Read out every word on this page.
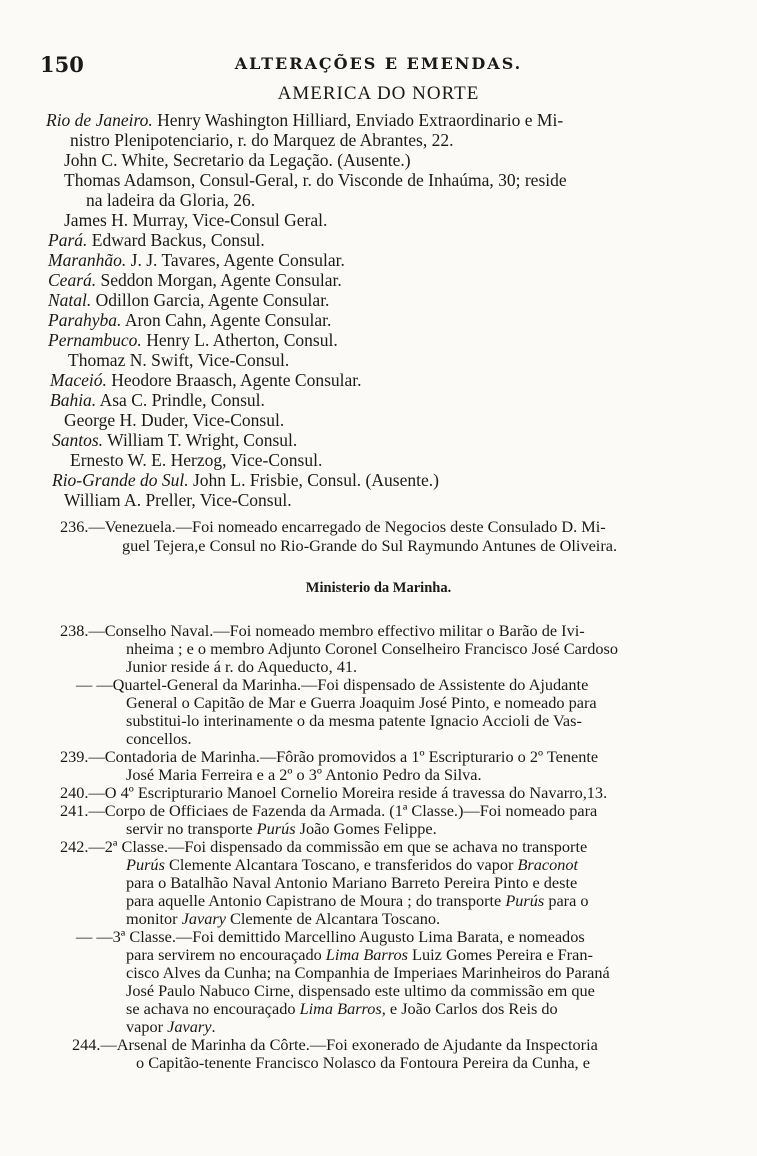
150	ALTERAÇÕES E EMENDAS.
AMERICA DO NORTE
Rio de Janeiro. Henry Washington Hilliard, Enviado Extraordinario e Mi-
nistro Plenipotenciario, r. do Marquez de Abrantes, 22.
John C. White, Secretario da Legação. (Ausente.)
Thomas Adamson, Consul-Geral, r. do Visconde de Inhaúma, 30; reside
na ladeira da Gloria, 26.
James H. Murray, Vice-Consul Geral.
Pará. Edward Backus, Consul.
Maranhão. J. J. Tavares, Agente Consular.
Ceará. Seddon Morgan, Agente Consular.
Natal. Odillon Garcia, Agente Consular.
Parahyba. Aron Cahn, Agente Consular.
Pernambuco. Henry L. Atherton, Consul.
Thomaz N. Swift, Vice-Consul.
Maceió. Heodore Braasch, Agente Consular.
Bahia. Asa C. Prindle, Consul.
George H. Duder, Vice-Consul.
Santos. William T. Wright, Consul.
Ernesto W. E. Herzog, Vice-Consul.
Rio-Grande do Sul. John L. Frisbie, Consul. (Ausente.)
William A. Preller, Vice-Consul.
236.—Venezuela.—Foi nomeado encarregado de Negocios deste Consulado D. Mi-
guel Tejera,e Consul no Rio-Grande do Sul Raymundo Antunes de Oliveira.
Ministerio da Marinha.
238.—Conselho Naval.—Foi nomeado membro effectivo militar o Barão de Ivi-
nheima ; e o membro Adjunto Coronel Conselheiro Francisco José Cardoso
Junior reside á r. do Aqueducto, 41.
— —Quartel-General da Marinha.—Foi dispensado de Assistente do Ajudante
General o Capitão de Mar e Guerra Joaquim José Pinto, e nomeado para
substitui-lo interinamente o da mesma patente Ignacio Accioli de Vas-
concellos.
239.—Contadoria de Marinha.—Fôrão promovidos a 1º Escripturario o 2º Tenente
José Maria Ferreira e a 2º o 3º Antonio Pedro da Silva.
240.—O 4º Escripturario Manoel Cornelio Moreira reside á travessa do Navarro,13.
241.—Corpo de Officiaes de Fazenda da Armada. (1ª Classe.)—Foi nomeado para
servir no transporte Purús João Gomes Felippe.
242.—2ª Classe.—Foi dispensado da commissão em que se achava no transporte
Purús Clemente Alcantara Toscano, e transferidos do vapor Braconot
para o Batalhão Naval Antonio Mariano Barreto Pereira Pinto e deste
para aquelle Antonio Capistrano de Moura ; do transporte Purús para o
monitor Javary Clemente de Alcantara Toscano.
— —3ª Classe.—Foi demittido Marcellino Augusto Lima Barata, e nomeados
para servirem no encouraçado Lima Barros Luiz Gomes Pereira e Fran-
cisco Alves da Cunha; na Companhia de Imperiaes Marinheiros do Paraná
José Paulo Nabuco Cirne, dispensado este ultimo da commissão em que
se achava no encouraçado Lima Barros, e João Carlos dos Reis do
vapor Javary.
244.—Arsenal de Marinha da Côrte.—Foi exonerado de Ajudante da Inspectoria
o Capitão-tenente Francisco Nolasco da Fontoura Pereira da Cunha, e
